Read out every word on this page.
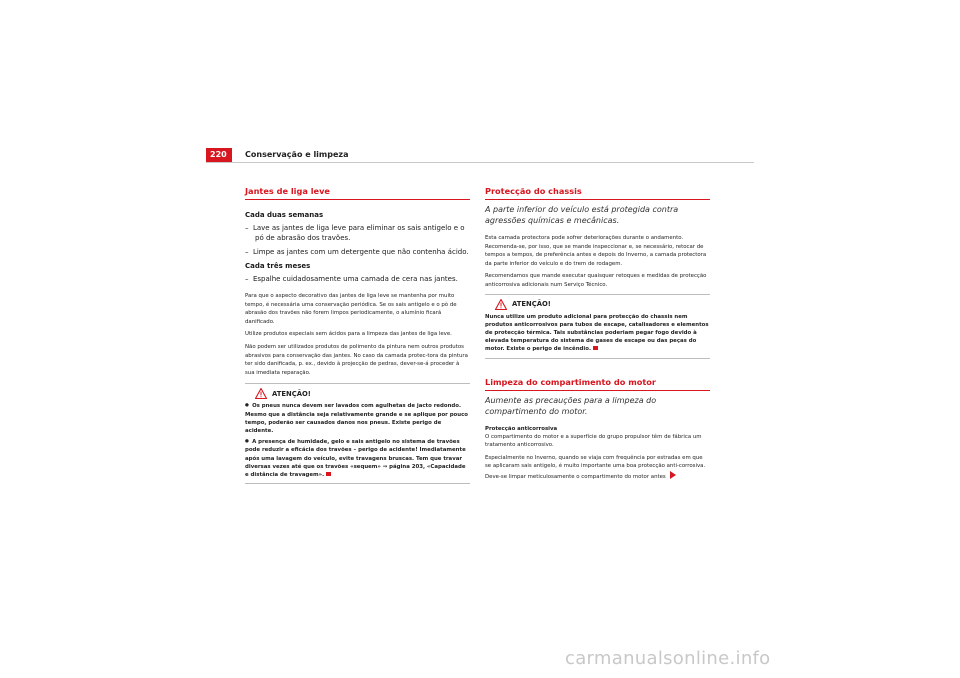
220	Conservação e limpeza
Jantes de liga leve
Cada duas semanas
–  Lave as jantes de liga leve para eliminar os sais antigelo e o pó de abrasão dos travões.
–  Limpe as jantes com um detergente que não contenha ácido.
Cada três meses
–  Espalhe cuidadosamente uma camada de cera nas jantes.
Para que o aspecto decorativo das jantes de liga leve se mantenha por muito tempo, é necessária uma conservação periódica. Se os sais antigelo e o pó de abrasão dos travões não forem limpos periodicamente, o alumínio ficará danificado.
Utilize produtos especiais sem ácidos para a limpeza das jantes de liga leve.
Não podem ser utilizados produtos de polimento da pintura nem outros produtos abrasivos para conservação das jantes. No caso da camada protec-tora da pintura ter sido danificada, p. ex., devido à projecção de pedras, dever-se-á proceder à sua imediata reparação.
ATENÇÃO!
●  Os pneus nunca devem ser lavados com agulhetas de jacto redondo. Mesmo que a distância seja relativamente grande e se aplique por pouco tempo, poderão ser causados danos nos pneus. Existe perigo de acidente.
●  A presença de humidade, gelo e sais antigelo no sistema de travões pode reduzir a eficácia dos travões – perigo de acidente! Imediatamente após uma lavagem do veículo, evite travagens bruscas. Tem que travar diversas vezes até que os travões «sequem» ⇒ página 203, «Capacidade e distância de travagem».
Protecção do chassis
A parte inferior do veículo está protegida contra agressões químicas e mecânicas.
Esta camada protectora pode sofrer deteriorações durante o andamento. Recomenda-se, por isso, que se mande inspeccionar e, se necessário, retocar de tempos a tempos, de preferência antes e depois do Inverno, a camada protectora da parte inferior do veículo e do trem de rodagem.
Recomendamos que mande executar quaisquer retoques e medidas de protecção anticorrosiva adicionais num Serviço Técnico.
ATENÇÃO!
Nunca utilize um produto adicional para protecção do chassis nem produtos anticorrosivos para tubos de escape, catalisadores e elementos de protecção térmica. Tais substâncias poderiam pegar fogo devido à elevada temperatura do sistema de gases de escape ou das peças do motor. Existe o perigo de incêndio.
Limpeza do compartimento do motor
Aumente as precauções para a limpeza do compartimento do motor.
Protecção anticorrosiva
O compartimento do motor e a superfície do grupo propulsor têm de fábrica um tratamento anticorrosivo.
Especialmente no Inverno, quando se viaja com frequência por estradas em que se aplicaram sais antigelo, é muito importante uma boa protecção anti-corrosiva. Deve-se limpar meticulosamente o compartimento do motor antes
carmanualsonline.info
